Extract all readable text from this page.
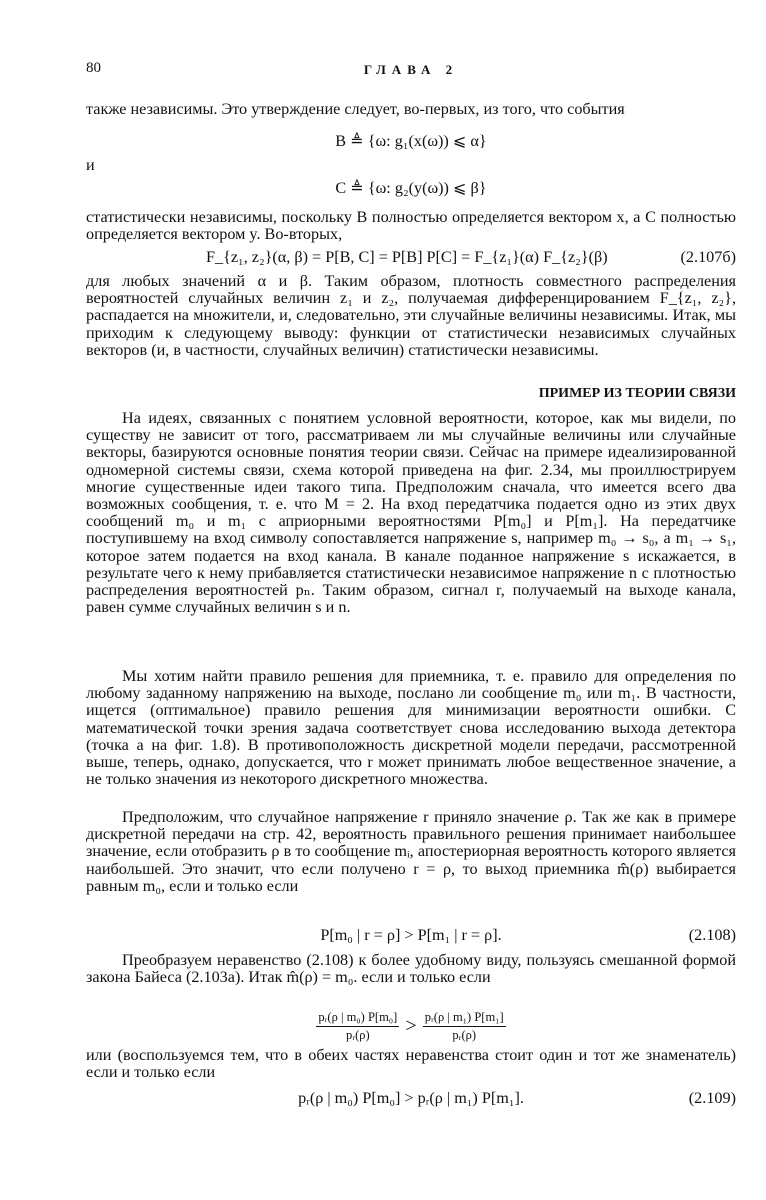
80	ГЛАВА 2

также независимы. Это утверждение следует, во-первых, из того, что события

B ≜ {ω: g₁(x(ω)) ⩽ α}
и
C ≜ {ω: g₂(y(ω)) ⩽ β}

статистически независимы, поскольку B полностью определяется вектором x, а C полностью определяется вектором y. Во-вторых,

F_{z₁, z₂}(α, β) = P[B, C] = P[B] P[C] = F_{z₁}(α) F_{z₂}(β)	(2.107б)

для любых значений α и β. Таким образом, плотность совместного распределения вероятностей случайных величин z₁ и z₂, получаемая дифференцированием F_{z₁, z₂}, распадается на множители, и, следовательно, эти случайные величины независимы. Итак, мы приходим к следующему выводу: функции от статистически независимых случайных векторов (и, в частности, случайных величин) статистически независимы.

ПРИМЕР ИЗ ТЕОРИИ СВЯЗИ

На идеях, связанных с понятием условной вероятности, которое, как мы видели, по существу не зависит от того, рассматриваем ли мы случайные величины или случайные векторы, базируются основные понятия теории связи. Сейчас на примере идеализированной одномерной системы связи, схема которой приведена на фиг. 2.34, мы проиллюстрируем многие существенные идеи такого типа. Предположим сначала, что имеется всего два возможных сообщения, т. е. что M = 2. На вход передатчика подается одно из этих двух сообщений m₀ и m₁ с априорными вероятностями P[m₀] и P[m₁]. На передатчике поступившему на вход символу сопоставляется напряжение s, например m₀ → s₀, а m₁ → s₁, которое затем подается на вход канала. В канале поданное напряжение s искажается, в результате чего к нему прибавляется статистически независимое напряжение n с плотностью распределения вероятностей pₙ. Таким образом, сигнал r, получаемый на выходе канала, равен сумме случайных величин s и n.

Мы хотим найти правило решения для приемника, т. е. правило для определения по любому заданному напряжению на выходе, послано ли сообщение m₀ или m₁. В частности, ищется (оптимальное) правило решения для минимизации вероятности ошибки. С математической точки зрения задача соответствует снова исследованию выхода детектора (точка a на фиг. 1.8). В противоположность дискретной модели передачи, рассмотренной выше, теперь, однако, допускается, что r может принимать любое вещественное значение, а не только значения из некоторого дискретного множества.

Предположим, что случайное напряжение r приняло значение ρ. Так же как в примере дискретной передачи на стр. 42, вероятность правильного решения принимает наибольшее значение, если отобразить ρ в то сообщение mᵢ, апостериорная вероятность которого является наибольшей. Это значит, что если получено r = ρ, то выход приемника m̂(ρ) выбирается равным m₀, если и только если

P[m₀ | r = ρ] > P[m₁ | r = ρ].	(2.108)

Преобразуем неравенство (2.108) к более удобному виду, пользуясь смешанной формой закона Байеса (2.103а). Итак m̂(ρ) = m₀. если и только если

$\frac{\text{pᵣ(ρ | m₀) P[m₀]}}{\text{pᵣ(ρ)}} > \frac{\text{pᵣ(ρ | m₁) P[m₁]}}{\text{pᵣ(ρ)}}$

или (воспользуемся тем, что в обеих частях неравенства стоит один и тот же знаменатель) если и только если

pᵣ(ρ | m₀) P[m₀] > pᵣ(ρ | m₁) P[m₁].	(2.109)
